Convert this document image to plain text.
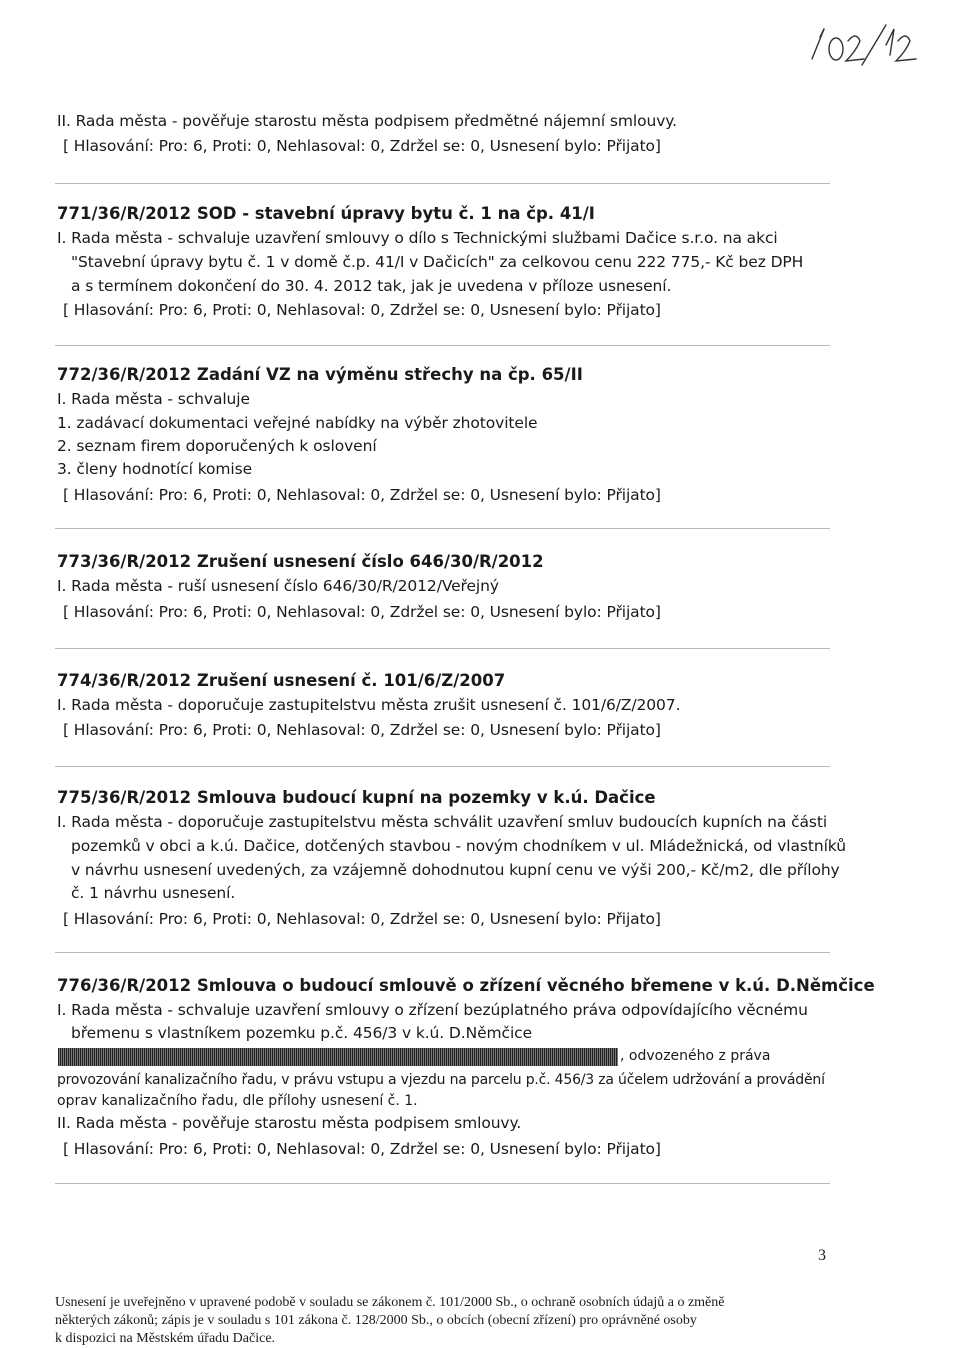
II. Rada města - pověřuje starostu města podpisem předmětné nájemní smlouvy.
[ Hlasování: Pro: 6, Proti: 0, Nehlasoval: 0, Zdržel se: 0, Usnesení bylo: Přijato]
771/36/R/2012 SOD - stavební úpravy bytu č. 1 na čp. 41/I
I. Rada města - schvaluje uzavření smlouvy o dílo s Technickými službami Dačice s.r.o. na akci
"Stavební úpravy bytu č. 1 v domě č.p. 41/I v Dačicích" za celkovou cenu 222 775,- Kč bez DPH
a s termínem dokončení do 30. 4. 2012 tak, jak je uvedena v příloze usnesení.
[ Hlasování: Pro: 6, Proti: 0, Nehlasoval: 0, Zdržel se: 0, Usnesení bylo: Přijato]
772/36/R/2012 Zadání VZ na výměnu střechy na čp. 65/II
I. Rada města - schvaluje
1. zadávací dokumentaci veřejné nabídky na výběr zhotovitele
2. seznam firem doporučených k oslovení
3. členy hodnotící komise
[ Hlasování: Pro: 6, Proti: 0, Nehlasoval: 0, Zdržel se: 0, Usnesení bylo: Přijato]
773/36/R/2012 Zrušení usnesení číslo 646/30/R/2012
I. Rada města - ruší usnesení číslo 646/30/R/2012/Veřejný
[ Hlasování: Pro: 6, Proti: 0, Nehlasoval: 0, Zdržel se: 0, Usnesení bylo: Přijato]
774/36/R/2012 Zrušení usnesení č. 101/6/Z/2007
I. Rada města - doporučuje zastupitelstvu města zrušit usnesení č. 101/6/Z/2007.
[ Hlasování: Pro: 6, Proti: 0, Nehlasoval: 0, Zdržel se: 0, Usnesení bylo: Přijato]
775/36/R/2012 Smlouva budoucí kupní na pozemky v k.ú. Dačice
I. Rada města - doporučuje zastupitelstvu města schválit uzavření smluv budoucích kupních na části
pozemků v obci a k.ú. Dačice, dotčených stavbou - novým chodníkem v ul. Mládežnická, od vlastníků
v návrhu usnesení uvedených, za vzájemně dohodnutou kupní cenu ve výši 200,- Kč/m2, dle přílohy
č. 1 návrhu usnesení.
[ Hlasování: Pro: 6, Proti: 0, Nehlasoval: 0, Zdržel se: 0, Usnesení bylo: Přijato]
776/36/R/2012 Smlouva o budoucí smlouvě o zřízení věcného břemene v k.ú. D.Němčice
I. Rada města - schvaluje uzavření smlouvy o zřízení bezúplatného práva odpovídajícího věcnému
břemenu s vlastníkem pozemku p.č. 456/3 v k.ú. D.Němčice
, odvozeného z práva
provozování kanalizačního řadu, v právu vstupu a vjezdu na parcelu p.č. 456/3 za účelem udržování a provádění
oprav kanalizačního řadu, dle přílohy usnesení č. 1.
II. Rada města - pověřuje starostu města podpisem smlouvy.
[ Hlasování: Pro: 6, Proti: 0, Nehlasoval: 0, Zdržel se: 0, Usnesení bylo: Přijato]
3
Usnesení je uveřejněno v upravené podobě v souladu se zákonem č. 101/2000 Sb., o ochraně osobních údajů a o změně
některých zákonů; zápis je v souladu s 101 zákona č. 128/2000 Sb., o obcích (obecní zřízení) pro oprávněné osoby
k dispozici na Městském úřadu Dačice.
